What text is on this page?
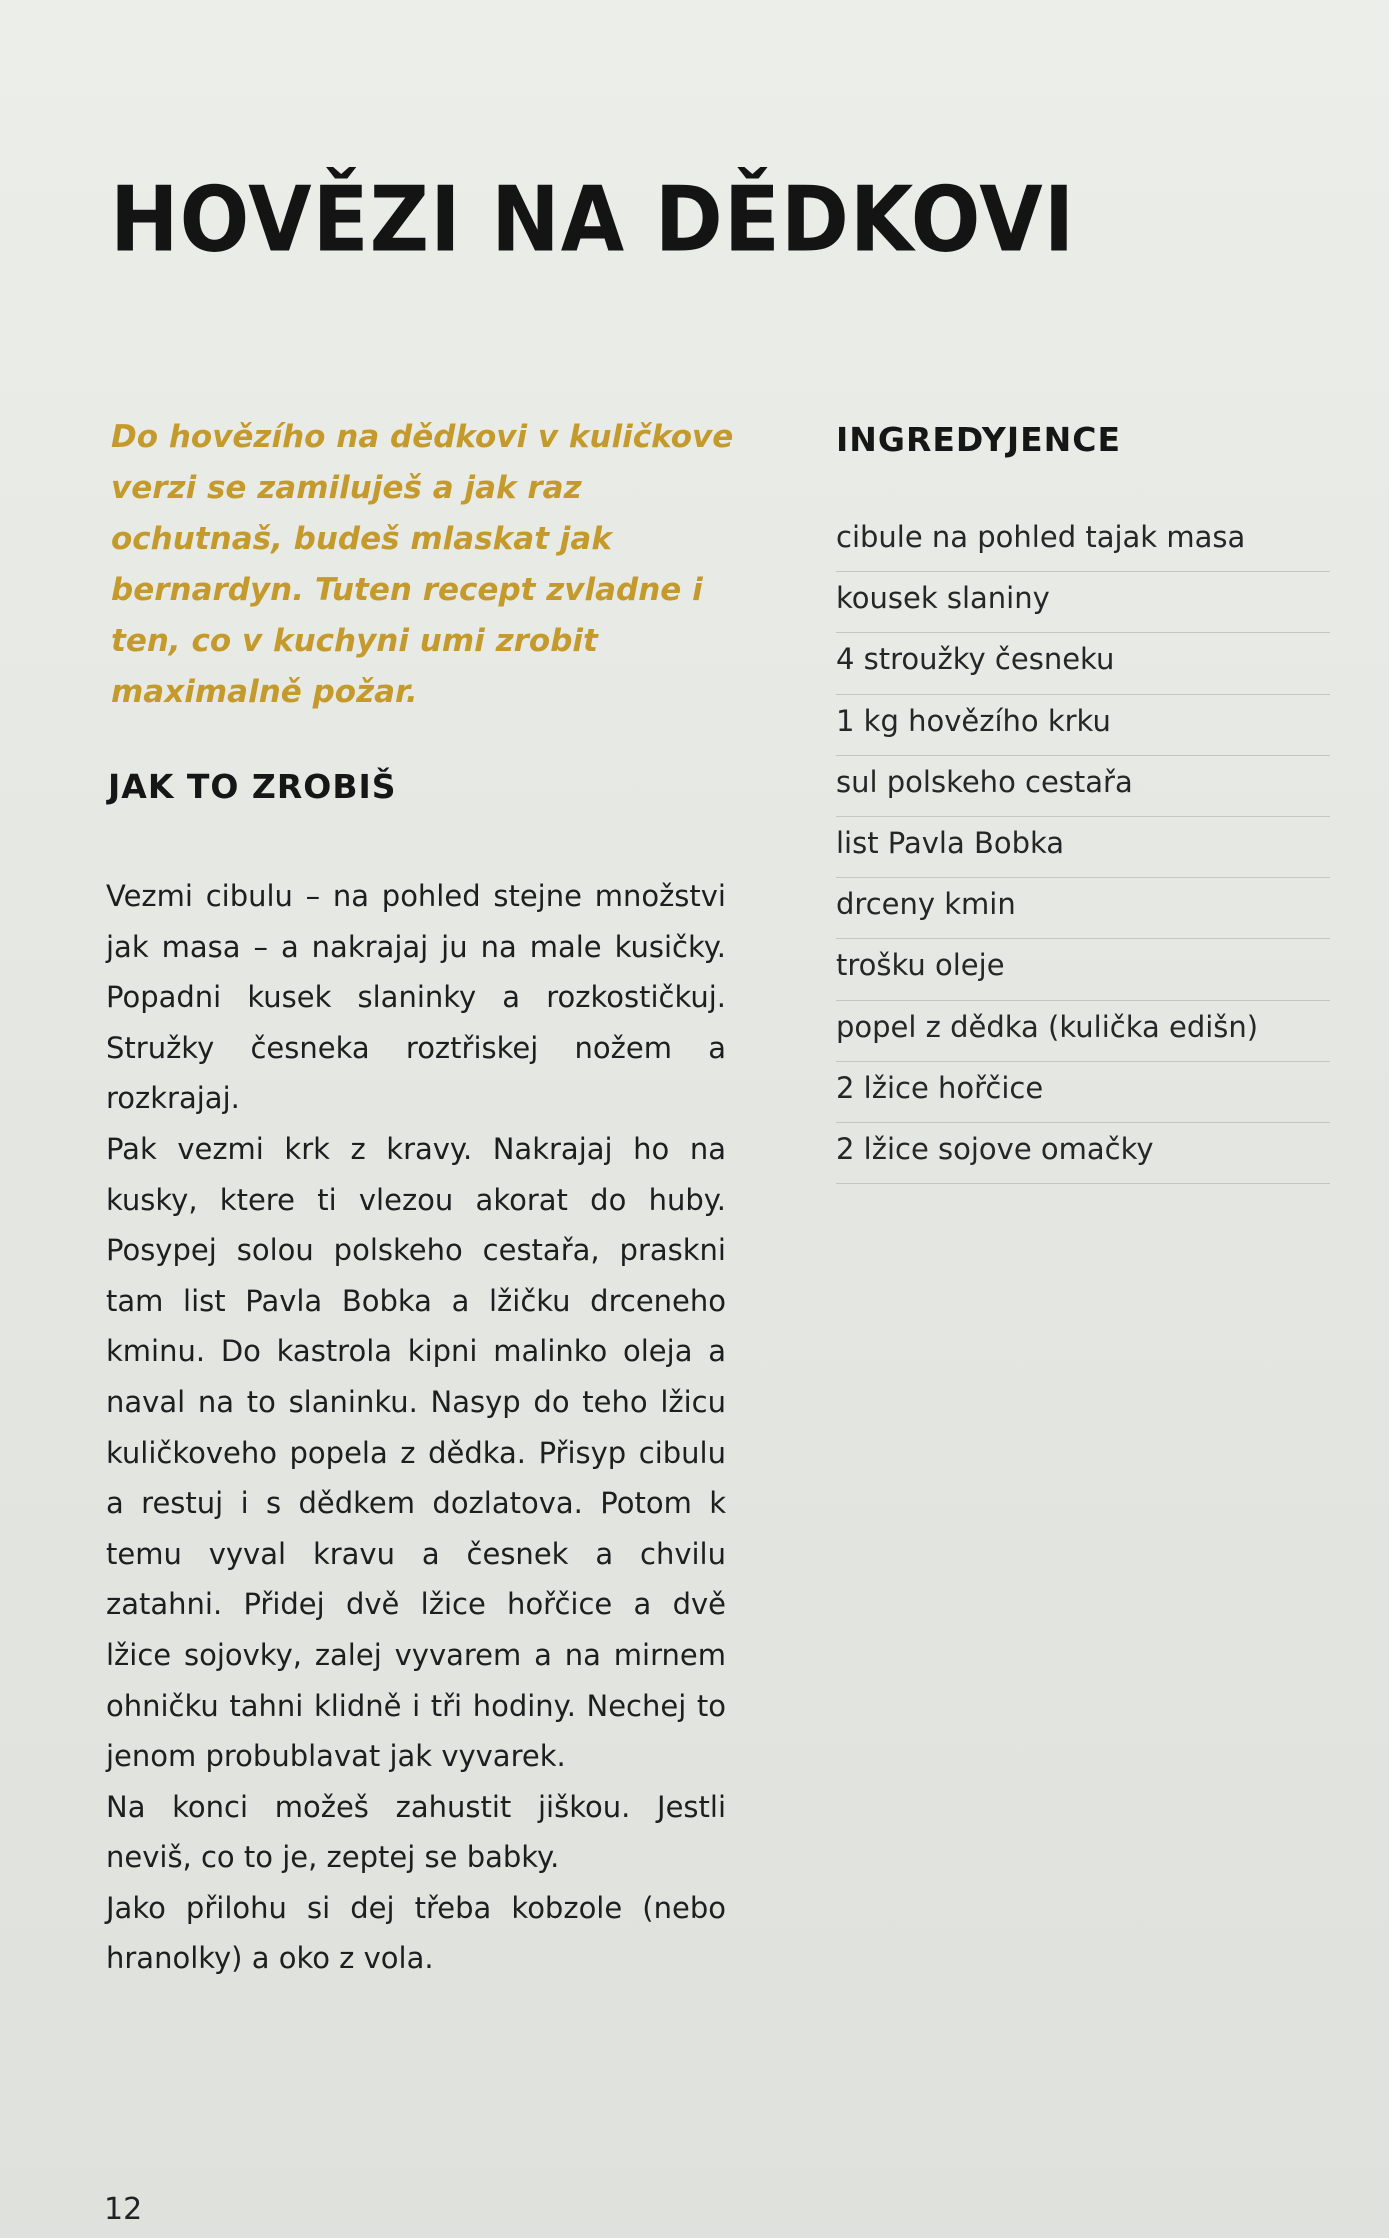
HOVĚZI NA DĚDKOVI

Do hovězího na dědkovi v kuličkove verzi se zamiluješ a jak raz ochutnaš, budeš mlaskat jak bernardyn. Tuten recept zvladne i ten, co v kuchyni umi zrobit maximalně požar.

JAK TO ZROBIŠ

Vezmi cibulu – na pohled stejne množstvi jak masa – a nakrajaj ju na male kusičky. Popadni kusek slaninky a rozkostičkuj. Stružky česneka roztřiskej nožem a rozkrajaj.

Pak vezmi krk z kravy. Nakrajaj ho na kusky, ktere ti vlezou akorat do huby. Posypej solou polskeho cestařa, praskni tam list Pavla Bobka a lžičku drceneho kminu. Do kastrola kipni malinko oleja a naval na to slaninku. Nasyp do teho lžicu kuličkoveho popela z dědka. Přisyp cibulu a restuj i s dědkem dozlatova. Potom k temu vyval kravu a česnek a chvilu zatahni. Přidej dvě lžice hořčice a dvě lžice sojovky, zalej vyvarem a na mirnem ohničku tahni klidně i tři hodiny. Nechej to jenom probublavat jak vyvarek.

Na konci možeš zahustit jiškou. Jestli neviš, co to je, zeptej se babky.

Jako přilohu si dej třeba kobzole (nebo hranolky) a oko z vola.

INGREDYJENCE
cibule na pohled tajak masa
kousek slaniny
4 stroužky česneku
1 kg hovězího krku
sul polskeho cestařa
list Pavla Bobka
drceny kmin
trošku oleje
popel z dědka (kulička edišn)
2 lžice hořčice
2 lžice sojove omačky
12
